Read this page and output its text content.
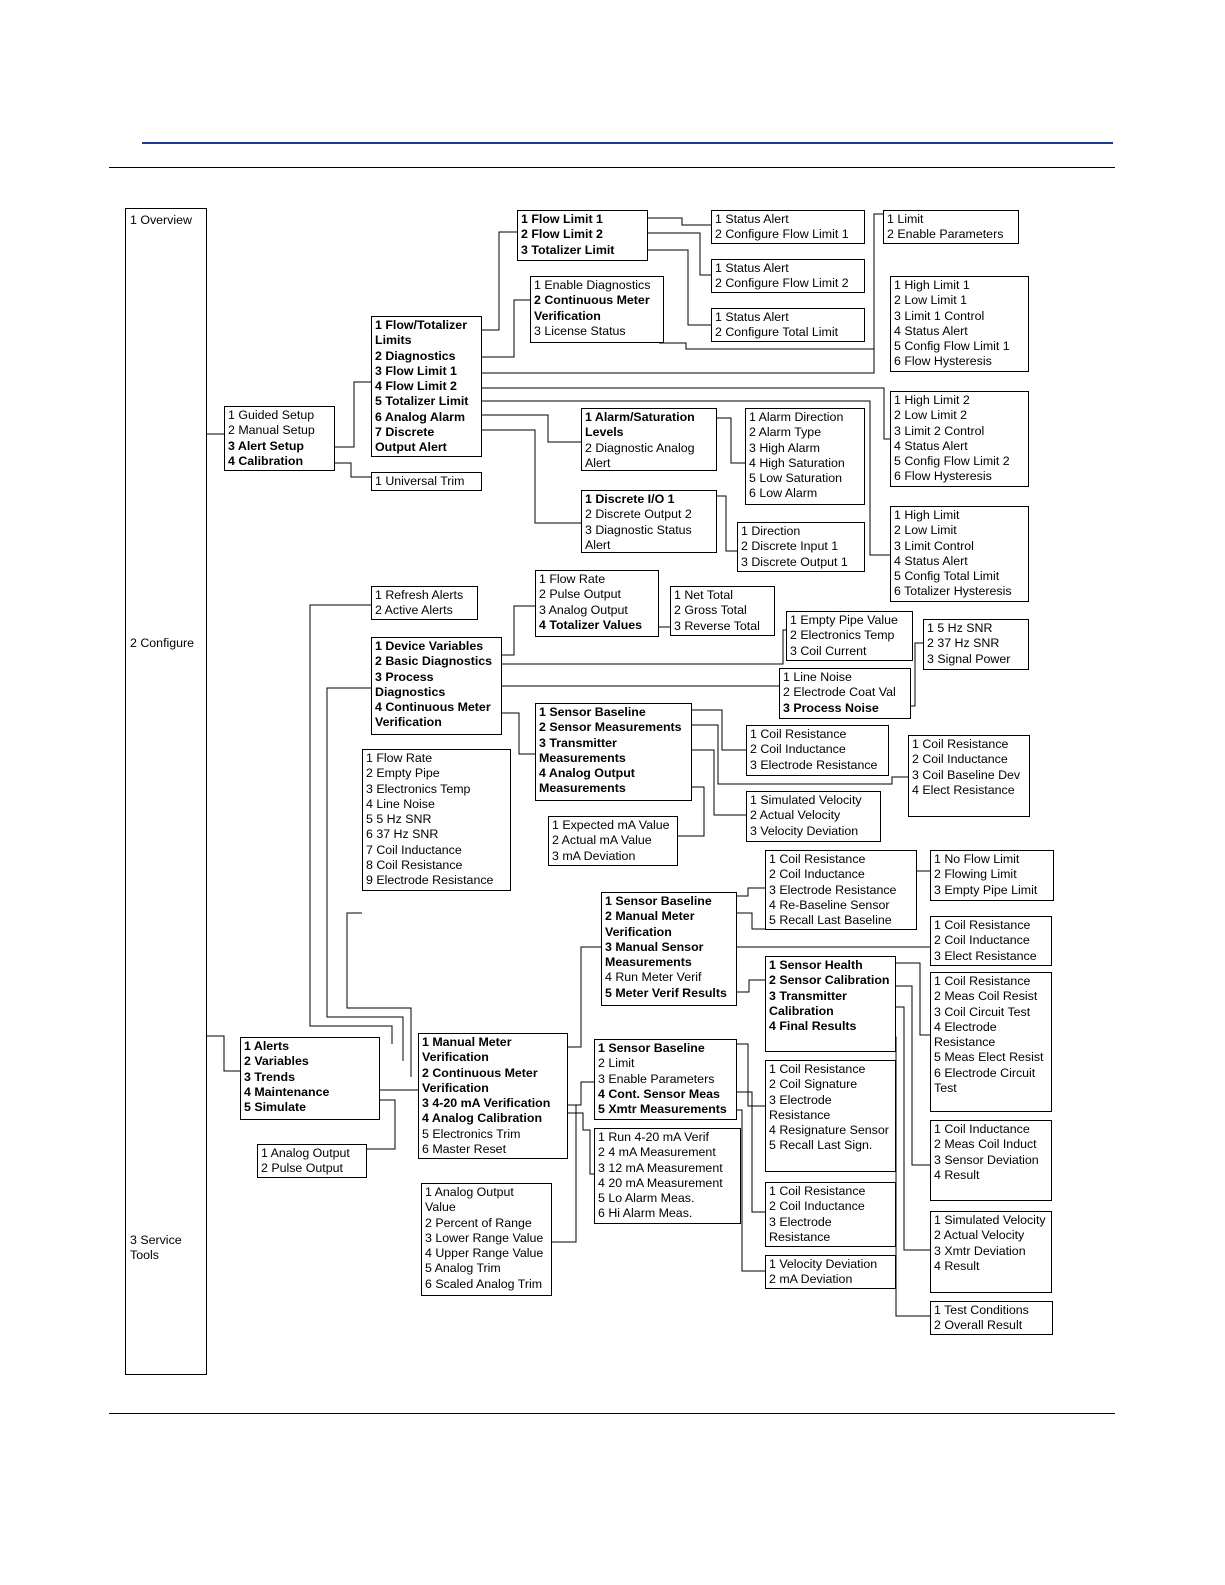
1 Overview
2 Configure
3 Service Tools
1 Guided Setup
2 Manual Setup
3 Alert Setup
4 Calibration
1 Universal Trim
1 Flow/Totalizer Limits
2 Diagnostics
3 Flow Limit 1
4 Flow Limit 2
5 Totalizer Limit
6 Analog Alarm
7 Discrete Output Alert
1 Flow Limit 1
2 Flow Limit 2
3 Totalizer Limit
1 Enable Diagnostics
2 Continuous Meter Verification
3 License Status
1 Status Alert
2 Configure Flow Limit 1
1 Status Alert
2 Configure Flow Limit 2
1 Status Alert
2 Configure Total Limit
1 Limit
2 Enable Parameters
1 High Limit 1
2 Low Limit 1
3 Limit 1 Control
4 Status Alert
5 Config Flow Limit 1
6 Flow Hysteresis
1 High Limit 2
2 Low Limit 2
3 Limit 2 Control
4 Status Alert
5 Config Flow Limit 2
6 Flow Hysteresis
1 High Limit
2 Low Limit
3 Limit Control
4 Status Alert
5 Config Total Limit
6 Totalizer Hysteresis
1 Alarm/Saturation Levels
2 Diagnostic Analog Alert
1 Alarm Direction
2 Alarm Type
3 High Alarm
4 High Saturation
5 Low Saturation
6 Low Alarm
1 Discrete I/O 1
2 Discrete Output 2
3 Diagnostic Status Alert
1 Direction
2 Discrete Input 1
3 Discrete Output 1
1 Alerts
2 Variables
3 Trends
4 Maintenance
5 Simulate
1 Refresh Alerts
2 Active Alerts
1 Device Variables
2 Basic Diagnostics
3 Process Diagnostics
4 Continuous Meter Verification
1 Flow Rate
2 Pulse Output
3 Analog Output
4 Totalizer Values
1 Net Total
2 Gross Total
3 Reverse Total	1 Empty Pipe Value
2 Electronics Temp
3 Coil Current
1 Line Noise
2 Electrode Coat Val
3 Process Noise
1 5 Hz SNR
2 37 Hz SNR
3 Signal Power
1 Sensor Baseline
2 Sensor Measurements
3 Transmitter Measurements
4 Analog Output Measurements
1 Coil Resistance
2 Coil Inductance
3 Electrode Resistance
1 Coil Resistance
2 Coil Inductance
3 Coil Baseline Dev
4 Elect Resistance
1 Simulated Velocity
2 Actual Velocity
3 Velocity Deviation
1 Expected mA Value
2 Actual mA Value
3 mA Deviation
1 Flow Rate
2 Empty Pipe
3 Electronics Temp
4 Line Noise
5 5 Hz SNR
6 37 Hz SNR
7 Coil Inductance
8 Coil Resistance
9 Electrode Resistance
1 Analog Output
2 Pulse Output
1 Manual Meter Verification
2 Continuous Meter Verification
3 4-20 mA Verification
4 Analog Calibration
5 Electronics Trim
6 Master Reset
1 Sensor Baseline
2 Manual Meter Verification
3 Manual Sensor Measurements
4 Run Meter Verif
5 Meter Verif Results
1 Coil Resistance
2 Coil Inductance
3 Electrode Resistance
4 Re-Baseline Sensor
5 Recall Last Baseline
1 No Flow Limit
2 Flowing Limit
3 Empty Pipe Limit
1 Coil Resistance
2 Coil Inductance
3 Elect Resistance
1 Sensor Health
2 Sensor Calibration
3 Transmitter Calibration
4 Final Results
1 Coil Resistance
2 Meas Coil Resist
3 Coil Circuit Test
4 Electrode Resistance
5 Meas Elect Resist
6 Electrode Circuit Test
1 Coil Inductance
2 Meas Coil Induct
3 Sensor Deviation
4 Result
1 Simulated Velocity
2 Actual Velocity
3 Xmtr Deviation
4 Result
1 Test Conditions
2 Overall Result
1 Sensor Baseline
2 Limit
3 Enable Parameters
4 Cont. Sensor Meas
5 Xmtr Measurements
1 Coil Resistance
2 Coil Signature
3 Electrode Resistance
4 Resignature Sensor
5 Recall Last Sign.
1 Coil Resistance
2 Coil Inductance
3 Electrode Resistance
1 Velocity Deviation
2 mA Deviation
1 Run 4-20 mA Verif
2 4 mA Measurement
3 12 mA Measurement
4 20 mA Measurement
5 Lo Alarm Meas.
6 Hi Alarm Meas.
1 Analog Output Value
2 Percent of Range
3 Lower Range Value
4 Upper Range Value
5 Analog Trim
6 Scaled Analog Trim
